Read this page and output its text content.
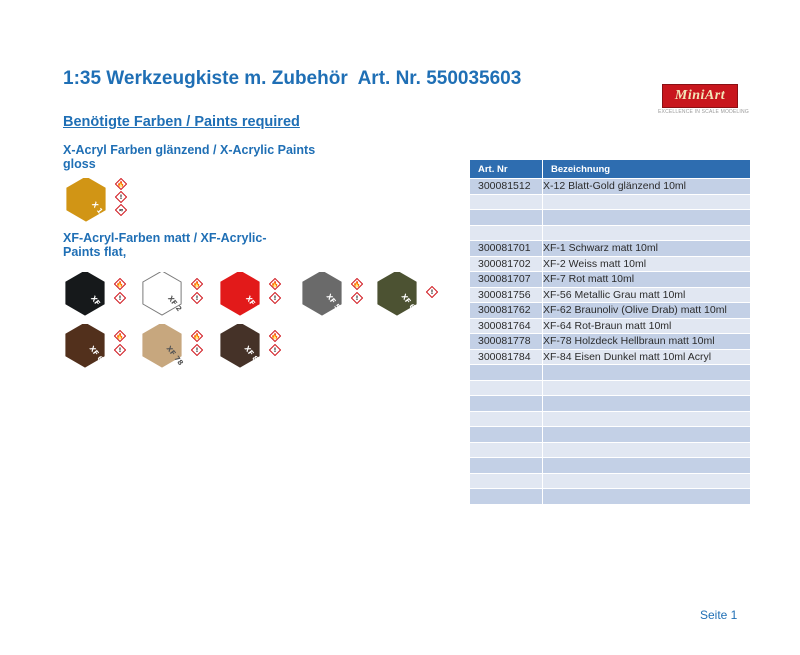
1:35 Werkzeugkiste m. Zubehör  Art. Nr. 550035603
MiniArt
EXCELLENCE IN SCALE MODELING
Benötigte Farben / Paints required
X-Acryl Farben glänzend / X-Acrylic Paints
gloss
X 12
🔥
!
≈
XF-Acryl-Farben matt / XF-Acrylic-
Paints flat,
XF 1
🔥
!	XF 2
🔥
!	XF 7
🔥
!	XF 56
🔥
!	XF 62 !
XF 64
🔥
!	XF 78
🔥
!	XF 84
🔥
!
Art. Nr	Bezeichnung
300081512	X-12 Blatt-Gold glänzend 10ml

300081701	XF-1 Schwarz matt 10ml
300081702	XF-2 Weiss matt 10ml
300081707	XF-7 Rot matt 10ml
300081756	XF-56 Metallic Grau matt 10ml
300081762	XF-62 Braunoliv (Olive Drab) matt 10ml
300081764	XF-64 Rot-Braun matt 10ml
300081778	XF-78 Holzdeck Hellbraun matt 10ml
300081784	XF-84 Eisen Dunkel matt 10ml Acryl

Seite 1
